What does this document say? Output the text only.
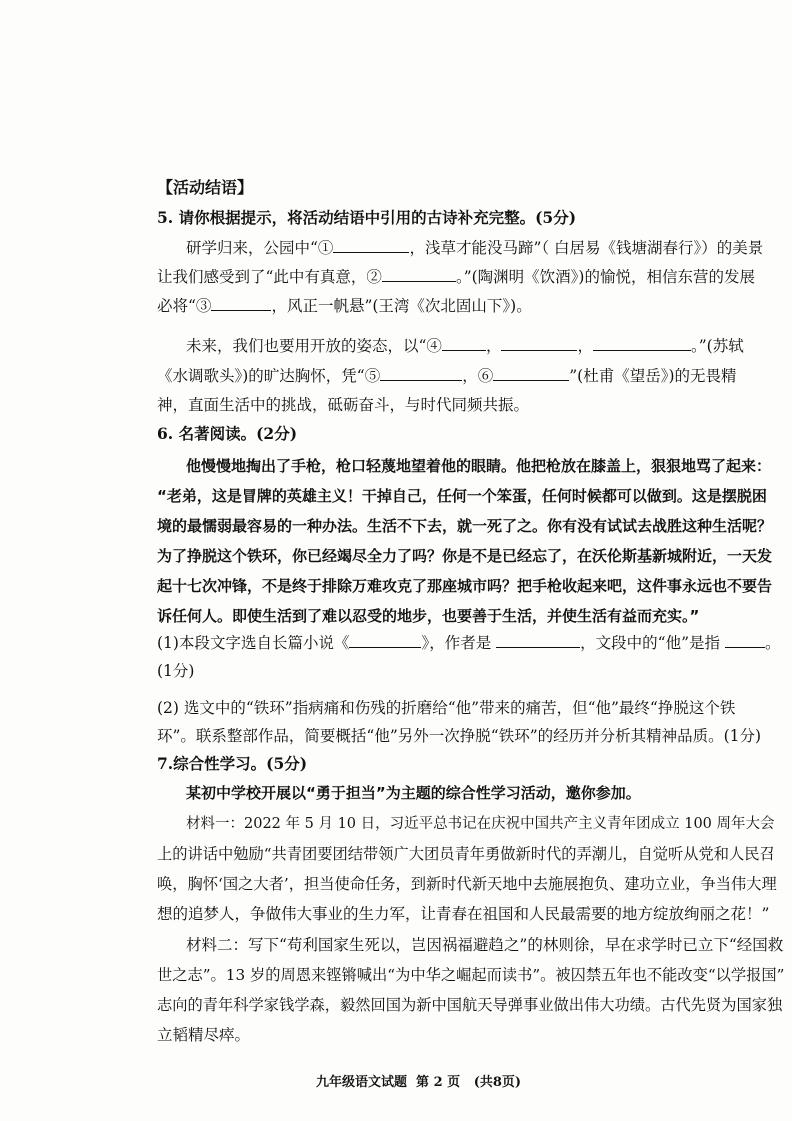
【活动结语】
5. 请你根据提示，将活动结语中引用的古诗补充完整。(5分)
研学归来，公园中“①	，浅草才能没马蹄”（ 白居易《钱塘湖春行》）的美景
让我们感受到了“此中有真意，②	。”(陶渊明《饮酒》)的愉悦，相信东营的发展
必将“③	，风正一帆悬”(王湾《次北固山下》)。
未来，我们也要用开放的姿态，以“④	，	，	。”(苏轼
《水调歌头》)的旷达胸怀，凭“⑤	，⑥	”(杜甫《望岳》)的无畏精
神，直面生活中的挑战，砥砺奋斗，与时代同频共振。
6. 名著阅读。(2分)
他慢慢地掏出了手枪，枪口轻蔑地望着他的眼睛。他把枪放在膝盖上，狠狠地骂了起来：
“老弟，这是冒牌的英雄主义！干掉自己，任何一个笨蛋，任何时候都可以做到。这是摆脱困
境的最懦弱最容易的一种办法。生活不下去，就一死了之。你有没有试试去战胜这种生活呢？
为了挣脱这个铁环，你已经竭尽全力了吗？你是不是已经忘了，在沃伦斯基新城附近，一天发
起十七次冲锋，不是终于排除万难攻克了那座城市吗？把手枪收起来吧，这件事永远也不要告
诉任何人。即使生活到了难以忍受的地步，也要善于生活，并使生活有益而充实。”
(1)本段文字选自长篇小说《	》，作者是	，文段中的“他”是指	。
(1分)
(2) 选文中的“铁环”指病痛和伤残的折磨给“他”带来的痛苦，但“他”最终“挣脱这个铁
环”。联系整部作品，简要概括“他”另外一次挣脱“铁环”的经历并分析其精神品质。(1分)
7.综合性学习。(5分)
某初中学校开展以“勇于担当”为主题的综合性学习活动，邀你参加。
材料一：2022 年 5 月 10 日，习近平总书记在庆祝中国共产主义青年团成立 100 周年大会
上的讲话中勉励“共青团要团结带领广大团员青年勇做新时代的弄潮儿，自觉听从党和人民召
唤，胸怀‘国之大者’，担当使命任务，到新时代新天地中去施展抱负、建功立业，争当伟大理
想的追梦人，争做伟大事业的生力军，让青春在祖国和人民最需要的地方绽放绚丽之花！”
材料二：写下“苟利国家生死以，岂因祸福避趋之”的林则徐，早在求学时已立下“经国救
世之志”。13 岁的周恩来铿锵喊出“为中华之崛起而读书”。被囚禁五年也不能改变“以学报国”
志向的青年科学家钱学森，毅然回国为新中国航天导弹事业做出伟大功绩。古代先贤为国家独
立韬精尽瘁。
九年级语文试题  第 2 页   (共8页)
